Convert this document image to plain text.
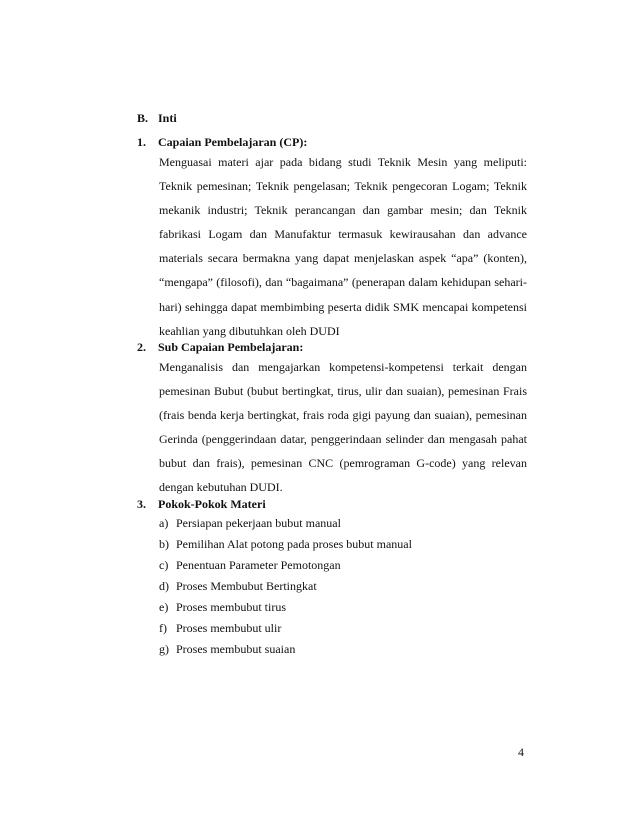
B. Inti
1. Capaian Pembelajaran (CP):
Menguasai materi ajar pada bidang studi Teknik Mesin yang meliputi: Teknik pemesinan; Teknik pengelasan; Teknik pengecoran Logam; Teknik mekanik industri; Teknik perancangan dan gambar mesin; dan Teknik fabrikasi Logam dan Manufaktur termasuk kewirausahan dan advance materials secara bermakna yang dapat menjelaskan aspek “apa” (konten), “mengapa” (filosofi), dan “bagaimana” (penerapan dalam kehidupan sehari-hari) sehingga dapat membimbing peserta didik SMK mencapai kompetensi keahlian yang dibutuhkan oleh DUDI
2. Sub Capaian Pembelajaran:
Menganalisis dan mengajarkan kompetensi-kompetensi terkait dengan pemesinan Bubut (bubut bertingkat, tirus, ulir dan suaian), pemesinan Frais (frais benda kerja bertingkat, frais roda gigi payung dan suaian), pemesinan Gerinda (penggerindaan datar, penggerindaan selinder dan mengasah pahat bubut dan frais), pemesinan CNC (pemrograman G-code) yang relevan dengan kebutuhan DUDI.
3. Pokok-Pokok Materi
a) Persiapan pekerjaan bubut manual
b) Pemilihan Alat potong pada proses bubut manual
c) Penentuan Parameter Pemotongan
d) Proses Membubut Bertingkat
e) Proses membubut tirus
f) Proses membubut ulir
g) Proses membubut suaian
4
